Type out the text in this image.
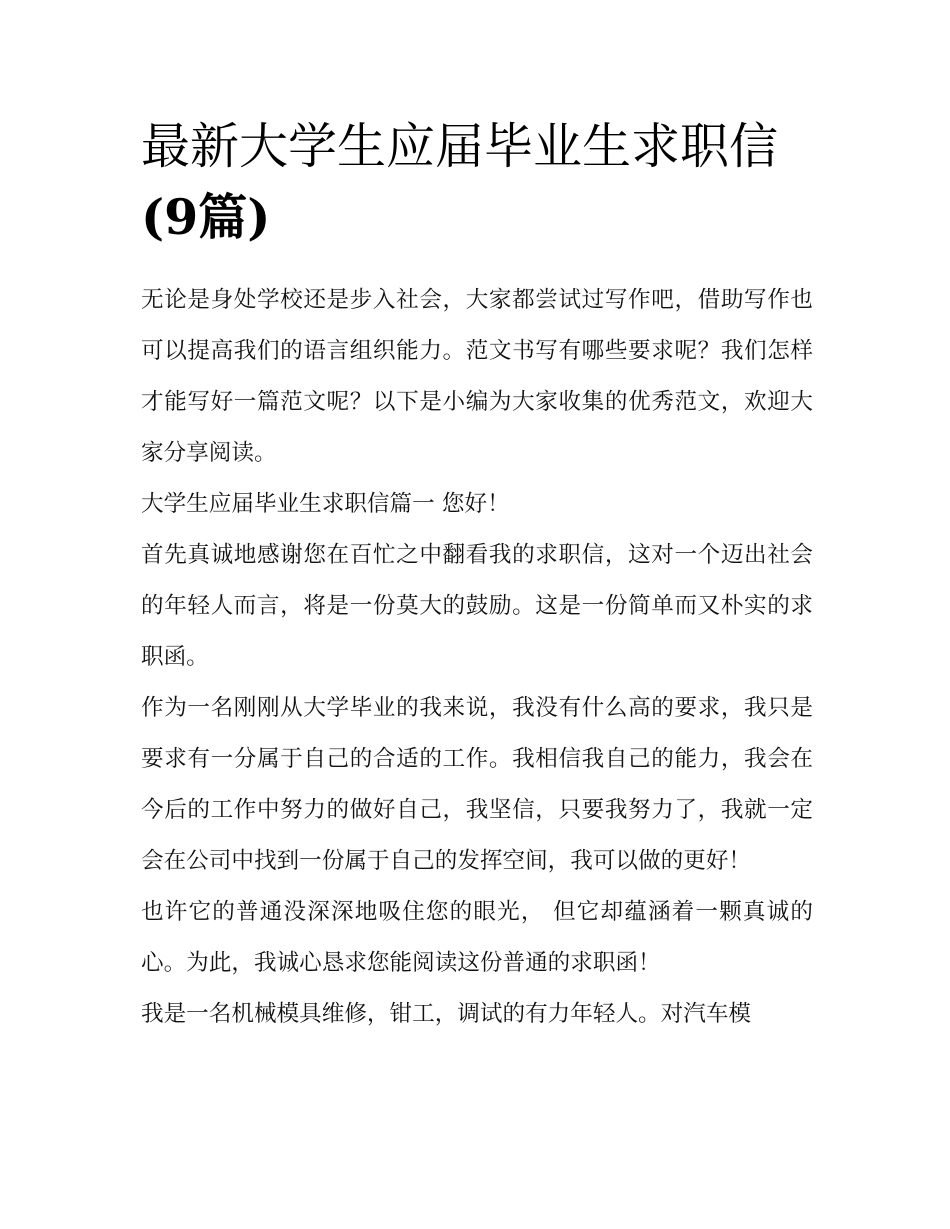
最新大学生应届毕业生求职信
(9篇)

无论是身处学校还是步入社会，大家都尝试过写作吧，借助写作也可以提高我们的语言组织能力。范文书写有哪些要求呢？我们怎样才能写好一篇范文呢？以下是小编为大家收集的优秀范文，欢迎大家分享阅读。

大学生应届毕业生求职信篇一 您好！

首先真诚地感谢您在百忙之中翻看我的求职信，这对一个迈出社会的年轻人而言，将是一份莫大的鼓励。这是一份简单而又朴实的求职函。

作为一名刚刚从大学毕业的我来说，我没有什么高的要求，我只是要求有一分属于自己的合适的工作。我相信我自己的能力，我会在今后的工作中努力的做好自己，我坚信，只要我努力了，我就一定会在公司中找到一份属于自己的发挥空间，我可以做的更好！

也许它的普通没深深地吸住您的眼光， 但它却蕴涵着一颗真诚的心。为此，我诚心恳求您能阅读这份普通的求职函！

我是一名机械模具维修，钳工，调试的有力年轻人。对汽车模
